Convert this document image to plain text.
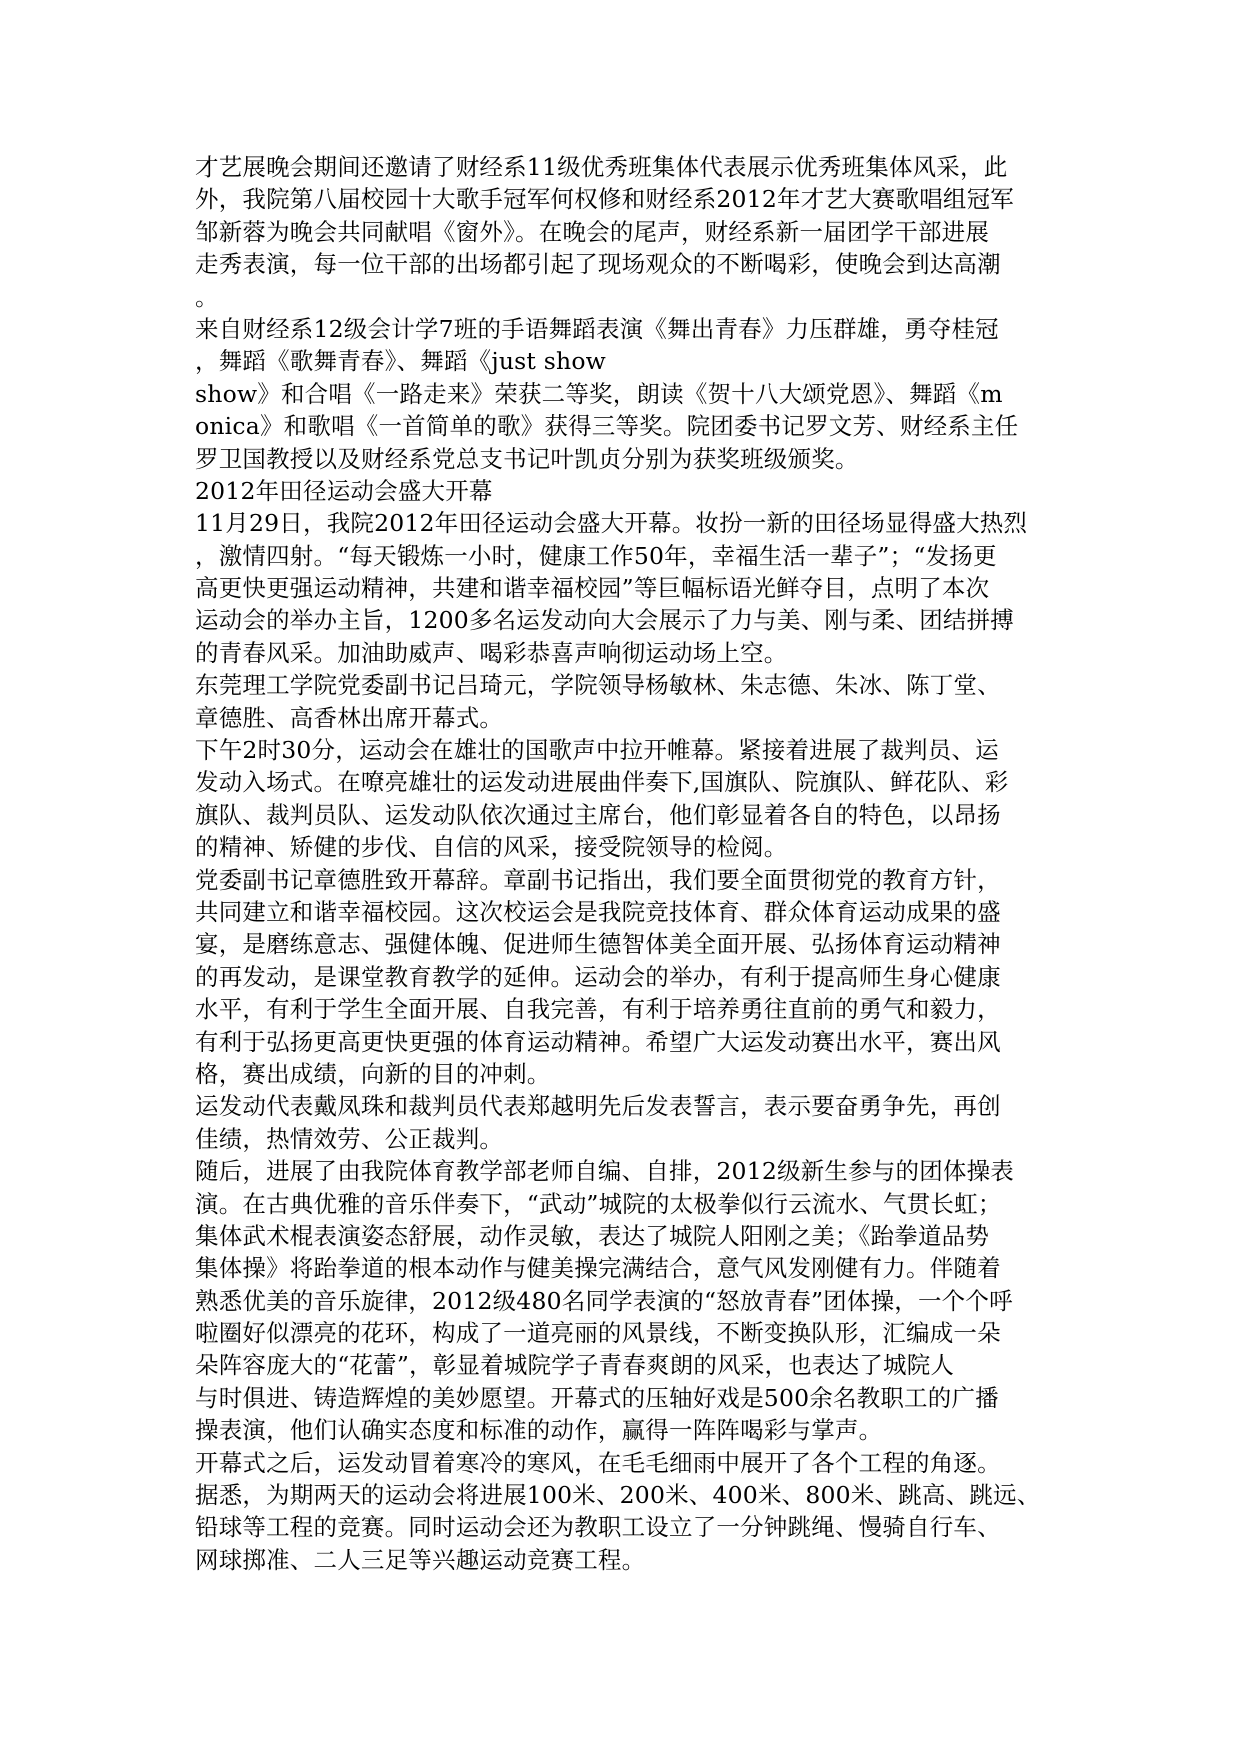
才艺展晚会期间还邀请了财经系11级优秀班集体代表展示优秀班集体风采，此
外，我院第八届校园十大歌手冠军何权修和财经系2012年才艺大赛歌唱组冠军
邹新蓉为晚会共同献唱《窗外》。在晚会的尾声，财经系新一届团学干部进展
走秀表演，每一位干部的出场都引起了现场观众的不断喝彩，使晚会到达高潮
。
来自财经系12级会计学7班的手语舞蹈表演《舞出青春》力压群雄，勇夺桂冠
，舞蹈《歌舞青春》、舞蹈《just show
show》和合唱《一路走来》荣获二等奖，朗读《贺十八大颂党恩》、舞蹈《m
onica》和歌唱《一首简单的歌》获得三等奖。院团委书记罗文芳、财经系主任
罗卫国教授以及财经系党总支书记叶凯贞分别为获奖班级颁奖。
2012年田径运动会盛大开幕
11月29日，我院2012年田径运动会盛大开幕。妆扮一新的田径场显得盛大热烈
，激情四射。“每天锻炼一小时，健康工作50年，幸福生活一辈子”；“发扬更
高更快更强运动精神，共建和谐幸福校园”等巨幅标语光鲜夺目，点明了本次
运动会的举办主旨，1200多名运发动向大会展示了力与美、刚与柔、团结拼搏
的青春风采。加油助威声、喝彩恭喜声响彻运动场上空。
东莞理工学院党委副书记吕琦元，学院领导杨敏林、朱志德、朱冰、陈丁堂、
章德胜、高香林出席开幕式。
下午2时30分，运动会在雄壮的国歌声中拉开帷幕。紧接着进展了裁判员、运
发动入场式。在嘹亮雄壮的运发动进展曲伴奏下,国旗队、院旗队、鲜花队、彩
旗队、裁判员队、运发动队依次通过主席台，他们彰显着各自的特色，以昂扬
的精神、矫健的步伐、自信的风采，接受院领导的检阅。
党委副书记章德胜致开幕辞。章副书记指出，我们要全面贯彻党的教育方针，
共同建立和谐幸福校园。这次校运会是我院竞技体育、群众体育运动成果的盛
宴，是磨练意志、强健体魄、促进师生德智体美全面开展、弘扬体育运动精神
的再发动，是课堂教育教学的延伸。运动会的举办，有利于提高师生身心健康
水平，有利于学生全面开展、自我完善，有利于培养勇往直前的勇气和毅力，
有利于弘扬更高更快更强的体育运动精神。希望广大运发动赛出水平，赛出风
格，赛出成绩，向新的目的冲刺。
运发动代表戴凤珠和裁判员代表郑越明先后发表誓言，表示要奋勇争先，再创
佳绩，热情效劳、公正裁判。
随后，进展了由我院体育教学部老师自编、自排，2012级新生参与的团体操表
演。在古典优雅的音乐伴奏下，“武动”城院的太极拳似行云流水、气贯长虹；
集体武术棍表演姿态舒展，动作灵敏，表达了城院人阳刚之美；《跆拳道品势
集体操》将跆拳道的根本动作与健美操完满结合，意气风发刚健有力。伴随着
熟悉优美的音乐旋律，2012级480名同学表演的“怒放青春”团体操，一个个呼
啦圈好似漂亮的花环，构成了一道亮丽的风景线，不断变换队形，汇编成一朵
朵阵容庞大的“花蕾”，彰显着城院学子青春爽朗的风采，也表达了城院人
与时俱进、铸造辉煌的美妙愿望。开幕式的压轴好戏是500余名教职工的广播
操表演，他们认确实态度和标准的动作，赢得一阵阵喝彩与掌声。
开幕式之后，运发动冒着寒冷的寒风，在毛毛细雨中展开了各个工程的角逐。
据悉，为期两天的运动会将进展100米、200米、400米、800米、跳高、跳远、
铅球等工程的竞赛。同时运动会还为教职工设立了一分钟跳绳、慢骑自行车、
网球掷准、二人三足等兴趣运动竞赛工程。
